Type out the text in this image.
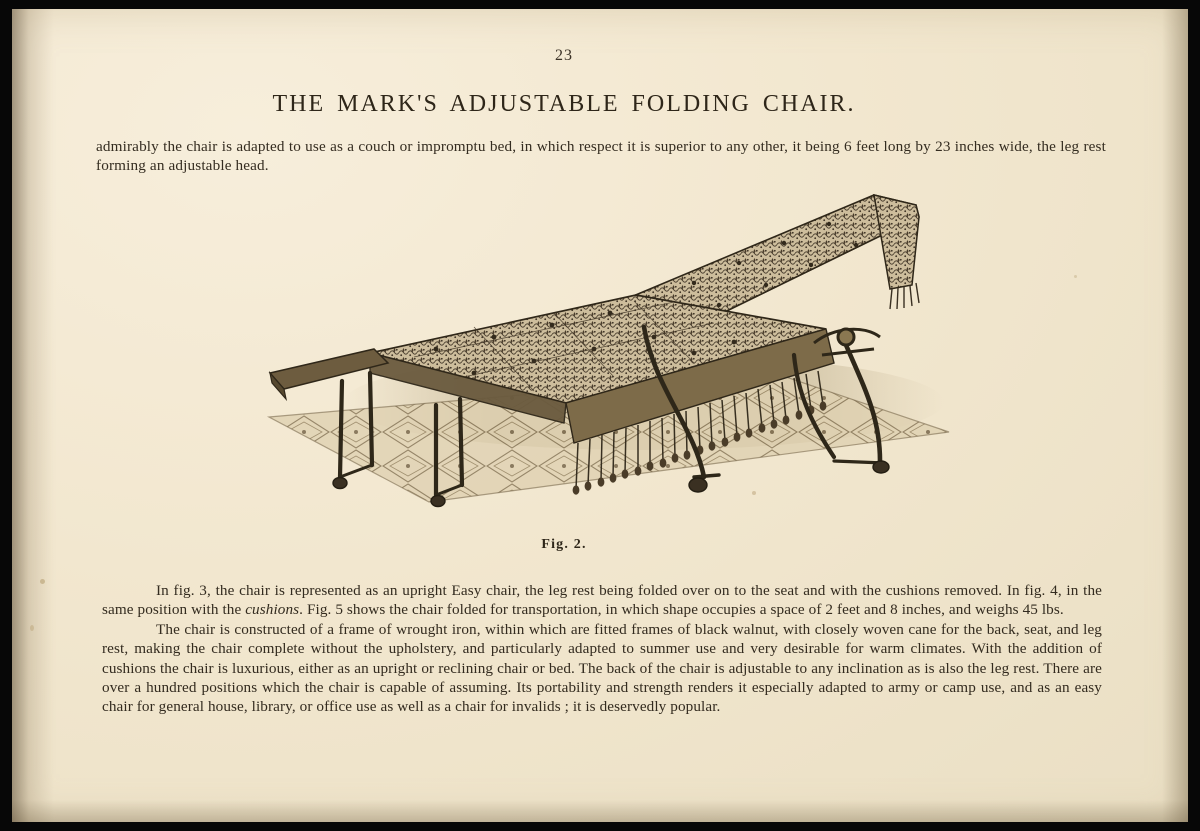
23
THE MARK'S ADJUSTABLE FOLDING CHAIR.
admirably the chair is adapted to use as a couch or impromptu bed, in which respect it is superior to any other, it being 6 feet long by 23 inches wide, the leg rest forming an adjustable head.
Fig. 2.

In fig. 3, the chair is represented as an upright Easy chair, the leg rest being folded over on to the seat and with the cushions removed. In fig. 4, in the same position with the cushions. Fig. 5 shows the chair folded for transportation, in which shape occupies a space of 2 feet and 8 inches, and weighs 45 lbs.

The chair is constructed of a frame of wrought iron, within which are fitted frames of black walnut, with closely woven cane for the back, seat, and leg rest, making the chair complete without the upholstery, and particularly adapted to summer use and very desirable for warm climates. With the addition of cushions the chair is luxurious, either as an upright or reclining chair or bed. The back of the chair is adjustable to any inclination as is also the leg rest. There are over a hundred positions which the chair is capable of assuming. Its portability and strength renders it especially adapted to army or camp use, and as an easy chair for general house, library, or office use as well as a chair for invalids ; it is deservedly popular.
